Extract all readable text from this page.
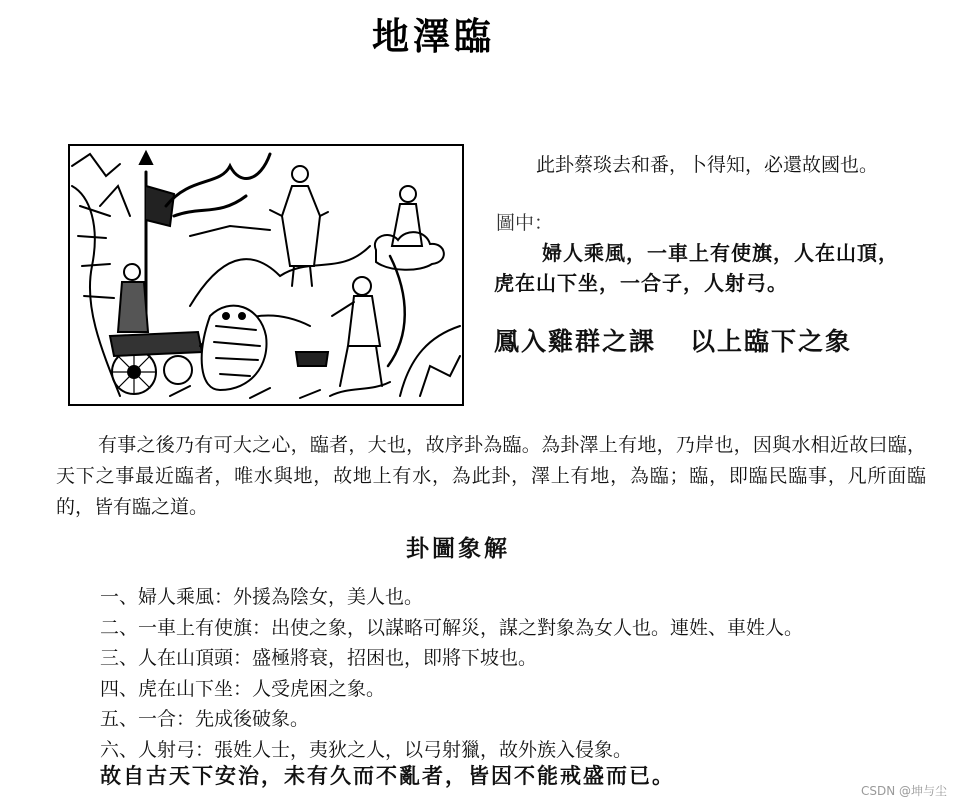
地澤臨
此卦蔡琰去和番，卜得知，必還故國也。
圖中：
婦人乘風，一車上有使旗，人在山頂，
虎在山下坐，一合子，人射弓。
鳳入雞群之課 以上臨下之象

有事之後乃有可大之心，臨者，大也，故序卦為臨。為卦澤上有地，乃岸也，因與水相近故曰臨，天下之事最近臨者，唯水與地，故地上有水，為此卦，澤上有地，為臨；臨，即臨民臨事，凡所面臨的，皆有臨之道。

卦圖象解
一、婦人乘風：外援為陰女，美人也。
二、一車上有使旗：出使之象，以謀略可解災，謀之對象為女人也。連姓、車姓人。
三、人在山頂頭：盛極將衰，招困也，即將下坡也。
四、虎在山下坐：人受虎困之象。
五、一合：先成後破象。
六、人射弓：張姓人士，夷狄之人，以弓射獵，故外族入侵象。
故自古天下安治，未有久而不亂者，皆因不能戒盛而已。
CSDN @坤与尘
